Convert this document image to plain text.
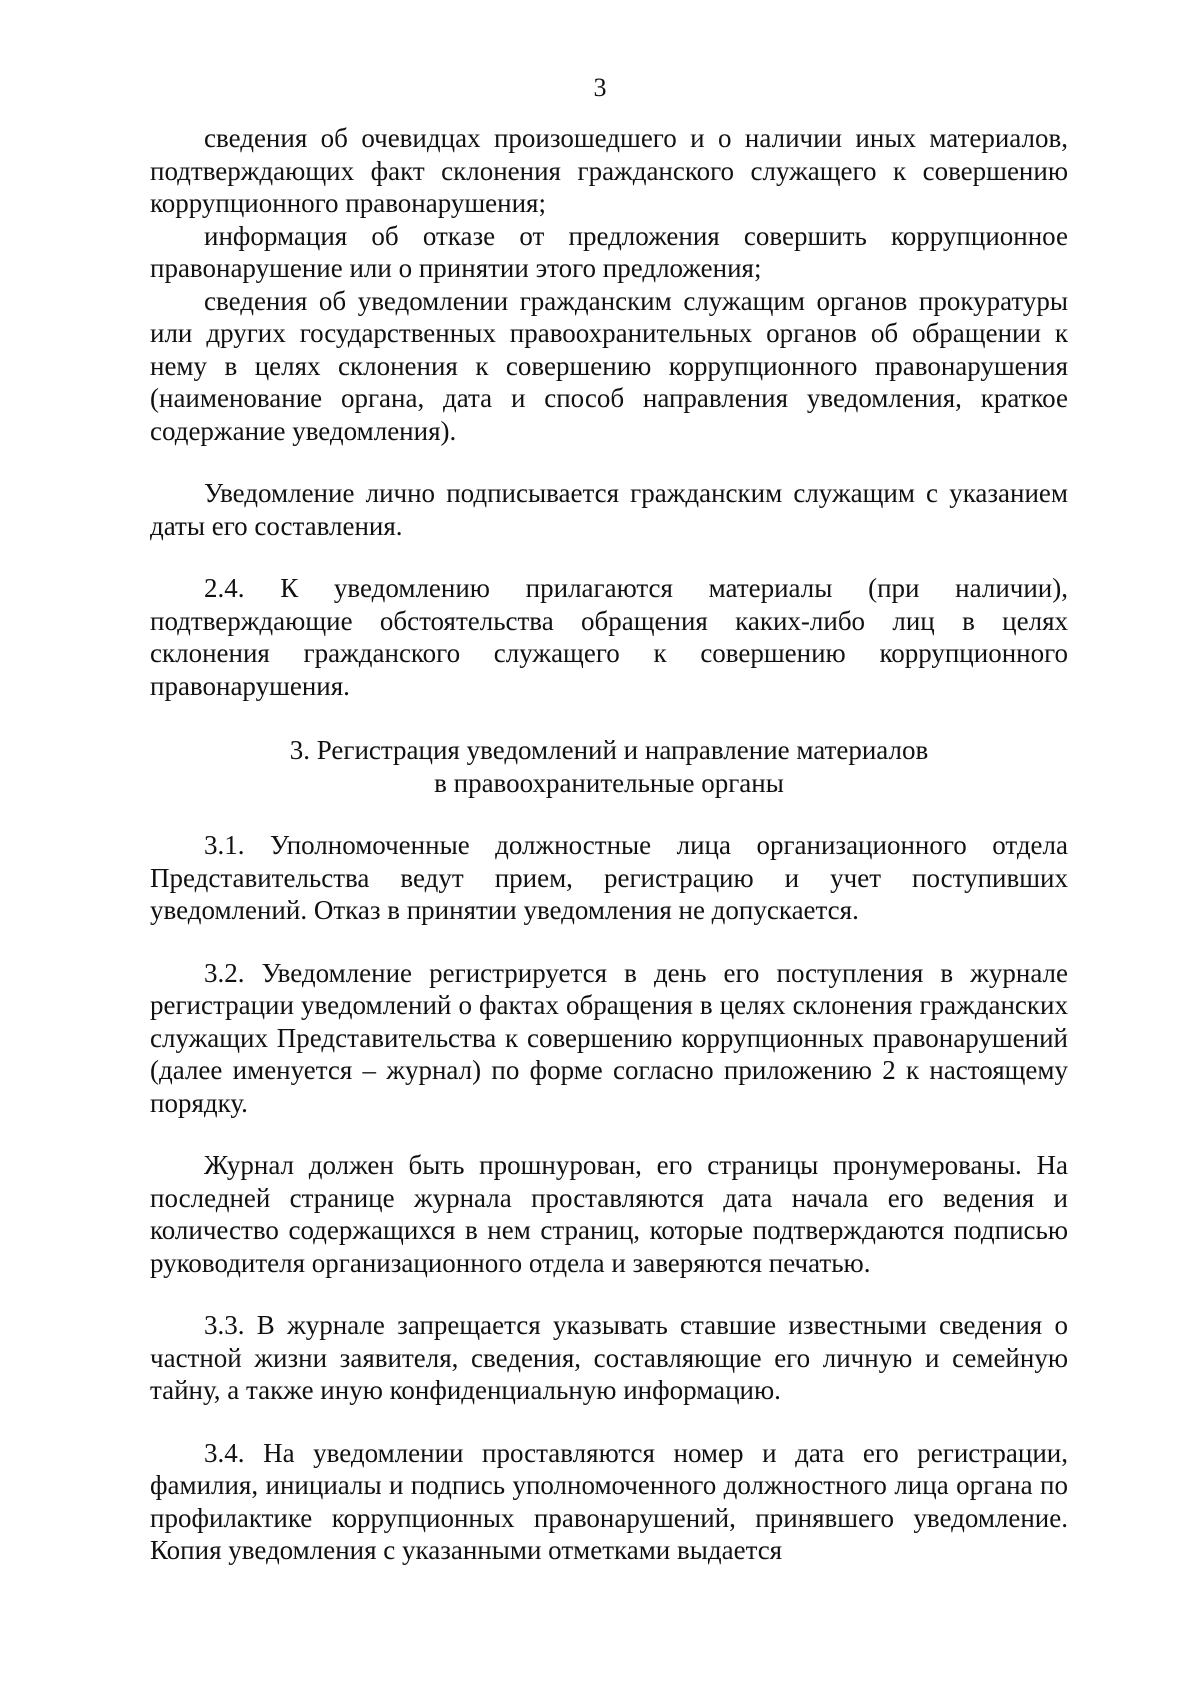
3

сведения об очевидцах произошедшего и о наличии иных материалов, подтверждающих факт склонения гражданского служащего к совершению коррупционного правонарушения;

информация об отказе от предложения совершить коррупционное правонарушение или о принятии этого предложения;

сведения об уведомлении гражданским служащим органов прокуратуры или других государственных правоохранительных органов об обращении к нему в целях склонения к совершению коррупционного правонарушения (наименование органа, дата и способ направления уведомления, краткое содержание уведомления).

Уведомление лично подписывается гражданским служащим с указанием даты его составления.

2.4. К уведомлению прилагаются материалы (при наличии), подтверждающие обстоятельства обращения каких-либо лиц в целях склонения гражданского служащего к совершению коррупционного правонарушения.

3. Регистрация уведомлений и направление материалов
в правоохранительные органы

3.1. Уполномоченные должностные лица организационного отдела Представительства ведут прием, регистрацию и учет поступивших уведомлений. Отказ в принятии уведомления не допускается.

3.2. Уведомление регистрируется в день его поступления в журнале регистрации уведомлений о фактах обращения в целях склонения гражданских служащих Представительства к совершению коррупционных правонарушений (далее именуется – журнал) по форме согласно приложению 2 к настоящему порядку.

Журнал должен быть прошнурован, его страницы пронумерованы. На последней странице журнала проставляются дата начала его ведения и количество содержащихся в нем страниц, которые подтверждаются подписью руководителя организационного отдела и заверяются печатью.

3.3. В журнале запрещается указывать ставшие известными сведения о частной жизни заявителя, сведения, составляющие его личную и семейную тайну, а также иную конфиденциальную информацию.

3.4. На уведомлении проставляются номер и дата его регистрации, фамилия, инициалы и подпись уполномоченного должностного лица органа по профилактике коррупционных правонарушений, принявшего уведомление. Копия уведомления с указанными отметками выдается
